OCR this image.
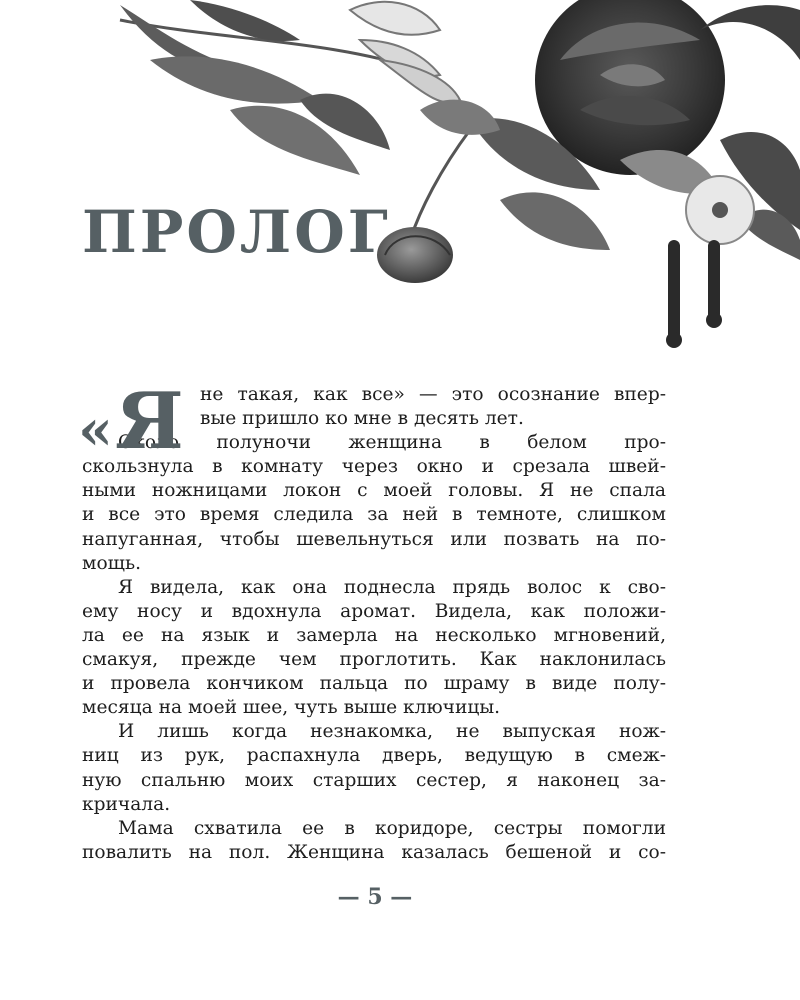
ПРОЛОГ
« Я не такая, как все» — это осознание впер-
вые пришло ко мне в десять лет.
Около полуночи женщина в белом про-
скользнула в комнату через окно и срезала швей-
ными ножницами локон с моей головы. Я не спала
и все это время следила за ней в темноте, слишком
напуганная, чтобы шевельнуться или позвать на по-
мощь.
Я видела, как она поднесла прядь волос к сво-
ему носу и вдохнула аромат. Видела, как положи-
ла ее на язык и замерла на несколько мгновений,
смакуя, прежде чем проглотить. Как наклонилась
и провела кончиком пальца по шраму в виде полу-
месяца на моей шее, чуть выше ключицы.
И лишь когда незнакомка, не выпуская нож-
ниц из рук, распахнула дверь, ведущую в смеж-
ную спальню моих старших сестер, я наконец за-
кричала.
Мама схватила ее в коридоре, сестры помогли
повалить на пол. Женщина казалась бешеной и со-
— 5 —
